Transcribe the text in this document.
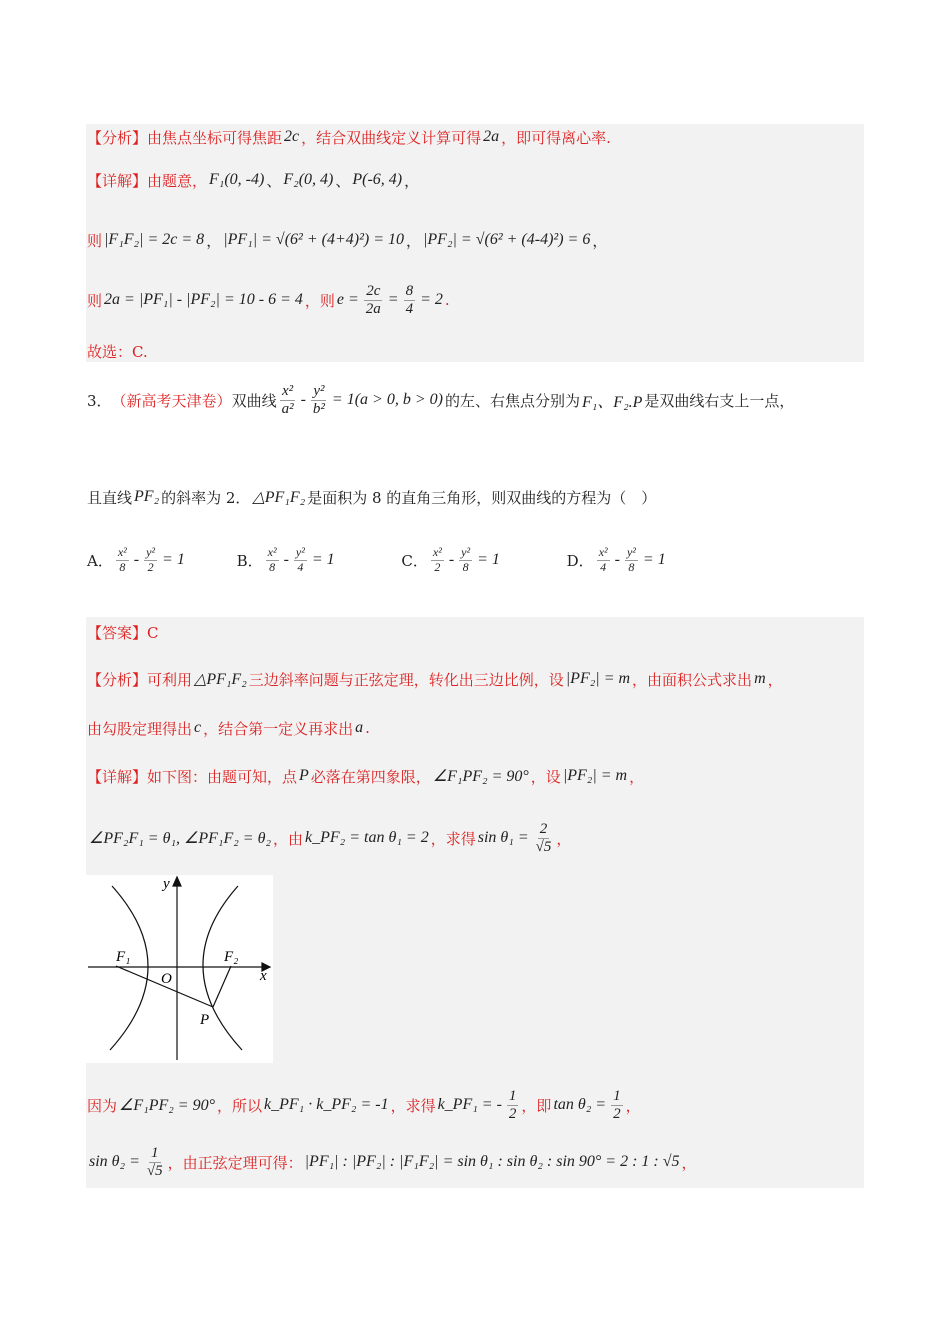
【分析】由焦点坐标可得焦距 2c ，结合双曲线定义计算可得 2a ，即可得离心率.
【详解】由题意， F₁(0, -4) 、 F₂(0, 4) 、 P(-6, 4) ，
则 |F₁F₂| = 2c = 8 ， |PF₁| = √(6² + (4+4)²) = 10 ， |PF₂| = √(6² + (4-4)²) = 6 ，
则 2a = |PF₁| - |PF₂| = 10 - 6 = 4 ，则 $e = \frac{2c}{2a} = \frac{8}{4} = 2$ .
故选：C.
3． （新高考天津卷） 双曲线 $\frac{\text{x²}}{\text{a²}} - \frac{\text{y²}}{\text{b²}} = 1(a > 0$, b > 0) 的左、右焦点分别为 F₁、F₂.P 是双曲线右支上一点，
且直线 PF₂ 的斜率为 2． △PF₁F₂ 是面积为 8 的直角三角形，则双曲线的方程为（　）
A． $\frac{\text{x²}}{8} - \frac{\text{y²}}{2} = 1$ 　　　 B． $\frac{\text{x²}}{8} - \frac{\text{y²}}{4} = 1$ 　　　　 C． $\frac{\text{x²}}{2} - \frac{\text{y²}}{8} = 1$ 　　　　 D． $\frac{\text{x²}}{4} - \frac{\text{y²}}{8} = 1$
【答案】C
【分析】可利用 △PF₁F₂ 三边斜率问题与正弦定理，转化出三边比例，设 |PF₂| = m ，由面积公式求出 m ，
由勾股定理得出 c ，结合第一定义再求出 a .
【详解】如下图：由题可知，点 P 必落在第四象限， ∠F₁PF₂ = 90° ，设 |PF₂| = m ，
∠PF₂F₁ = θ₁, ∠PF₁F₂ = θ₂ ，由 k_PF₂ = tan θ₁ = 2 ，求得 $\sin \theta_1 = \frac{2}{√5}$ ，
因为 ∠F₁PF₂ = 90° ，所以 k_PF₁ · k_PF₂ = -1 ，求得 k_PF₁ = - $\frac{1}{2}$ ，即 $\tan \theta_2 = \frac{1}{2}$ ，
$\sin \theta_2 = \frac{1}{√5}$ ，由正弦定理可得： |PF₁| : |PF₂| : |F₁F₂| = sin θ₁ : sin θ₂ : sin 90° = 2 : 1 : √5 ，
y
x
F₁	F₂
O
P
